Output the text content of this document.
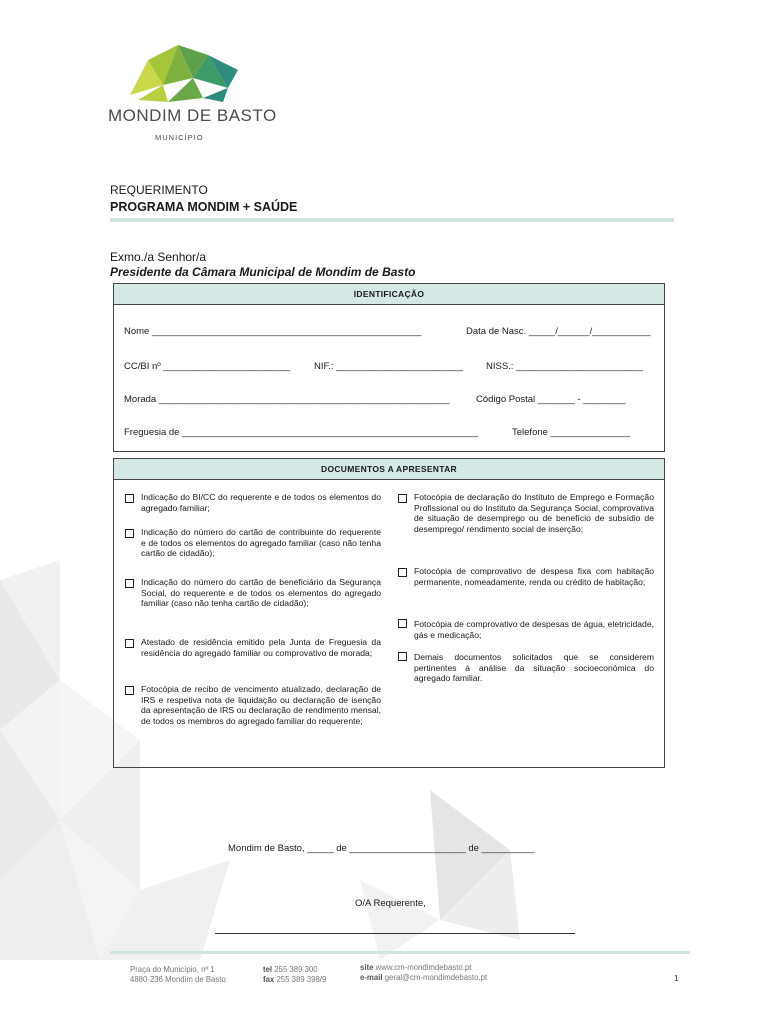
MONDIM DE BASTO
MUNICÍPIO
REQUERIMENTO
PROGRAMA MONDIM + SAÚDE
Exmo./a Senhor/a
Presidente da Câmara Municipal de Mondim de Basto
IDENTIFICAÇÃO
Nome ___________________________________________________	Data de Nasc. _____/______/___________
CC/BI nº ________________________	NIF.: ________________________ NISS.: ________________________
Morada _______________________________________________________	Código Postal _______ - ________
Freguesia de ________________________________________________________	Telefone _______________
DOCUMENTOS A APRESENTAR
Indicação do BI/CC do requerente e de todos os elementos do agregado familiar;
Indicação do número do cartão de contribuinte do requerente e de todos os elementos do agregado familiar (caso não tenha cartão de cidadão);
Indicação do número do cartão de beneficiário da Segurança Social, do requerente e de todos os elementos do agregado familiar (caso não tenha cartão de cidadão);
Atestado de residência emitido pela Junta de Freguesia da residência do agregado familiar ou comprovativo de morada;
Fotocópia de recibo de vencimento atualizado, declaração de IRS e respetiva nota de liquidação ou declaração de isenção da apresentação de IRS ou declaração de rendimento mensal, de todos os membros do agregado familiar do requerente;
Fotocópia de declaração do Instituto de Emprego e Formação Profissional ou do Instituto da Segurança Social, comprovativa de situação de desemprego ou de benefício de subsídio de desemprego/ rendimento social de inserção;
Fotocópia de comprovativo de despesa fixa com habitação permanente, nomeadamente, renda ou crédito de habitação;
Fotocópia de comprovativo de despesas de água, eletricidade, gás e medicação;
Demais documentos solicitados que se considerem pertinentes à análise da situação socioeconómica do agregado familiar.
Mondim de Basto, _____ de ______________________ de __________
O/A Requerente,
Praça do Município, nº 1
4880-236 Mondim de Basto
tel 255 389 300
fax 255 389 398/9
site www.cm-mondimdebasto.pt
e-mail geral@cm-mondimdebasto.pt	1
